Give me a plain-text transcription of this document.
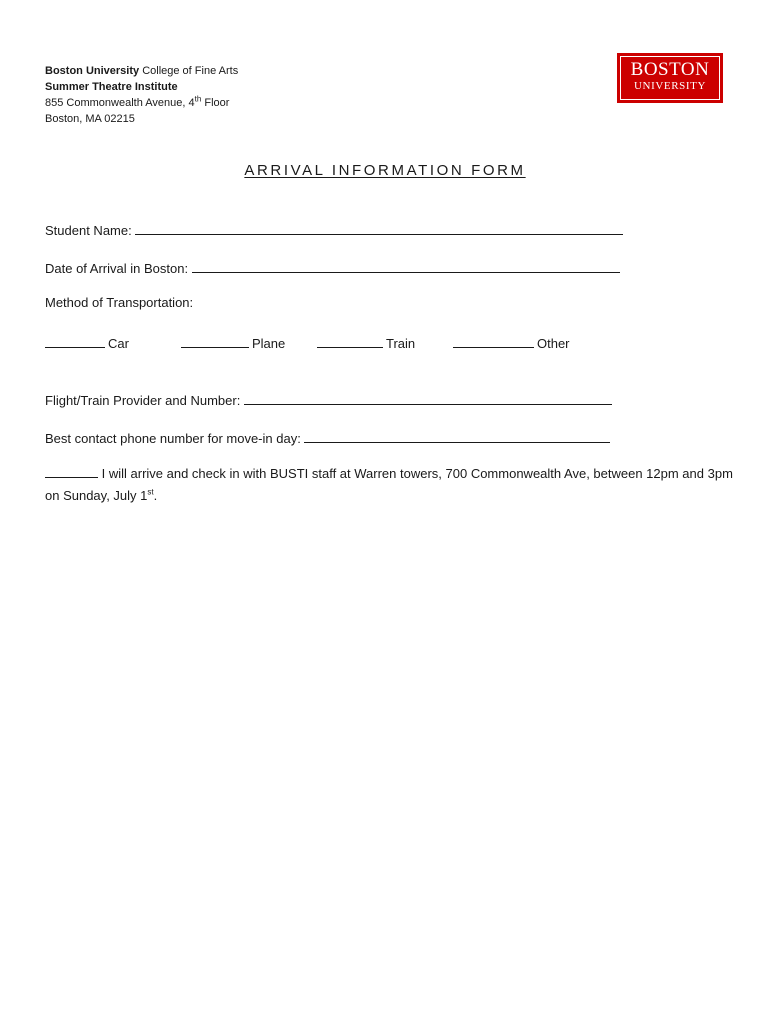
Boston University College of Fine Arts
Summer Theatre Institute
855 Commonwealth Avenue, 4th Floor
Boston, MA 02215
BOSTON
UNIVERSITY
ARRIVAL INFORMATION FORM
Student Name:
Date of Arrival in Boston:
Method of Transportation:
Car	Plane	Train	Other
Flight/Train Provider and Number:
Best contact phone number for move-in day:
I will arrive and check in with BUSTI staff at Warren towers, 700 Commonwealth Ave, between 12pm and 3pm on Sunday, July 1st.
